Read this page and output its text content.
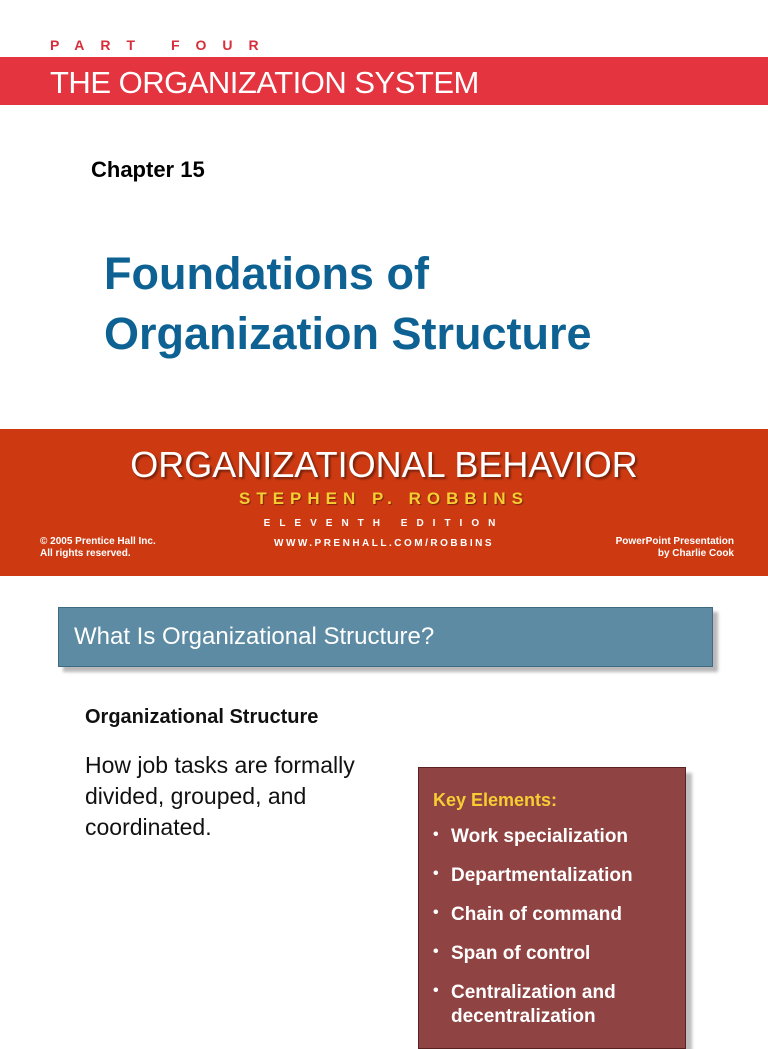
PART FOUR
THE ORGANIZATION SYSTEM
Chapter 15
Foundations of
Organization Structure
ORGANIZATIONAL BEHAVIOR
STEPHEN P. ROBBINS
ELEVENTH EDITION
WWW.PRENHALL.COM/ROBBINS
© 2005 Prentice Hall Inc.
All rights reserved.
PowerPoint Presentation
by Charlie Cook
What Is Organizational Structure?
Organizational Structure
How job tasks are formally divided, grouped, and coordinated.
Key Elements:
• Work specialization
• Departmentalization
• Chain of command
• Span of control
• Centralization and decentralization
